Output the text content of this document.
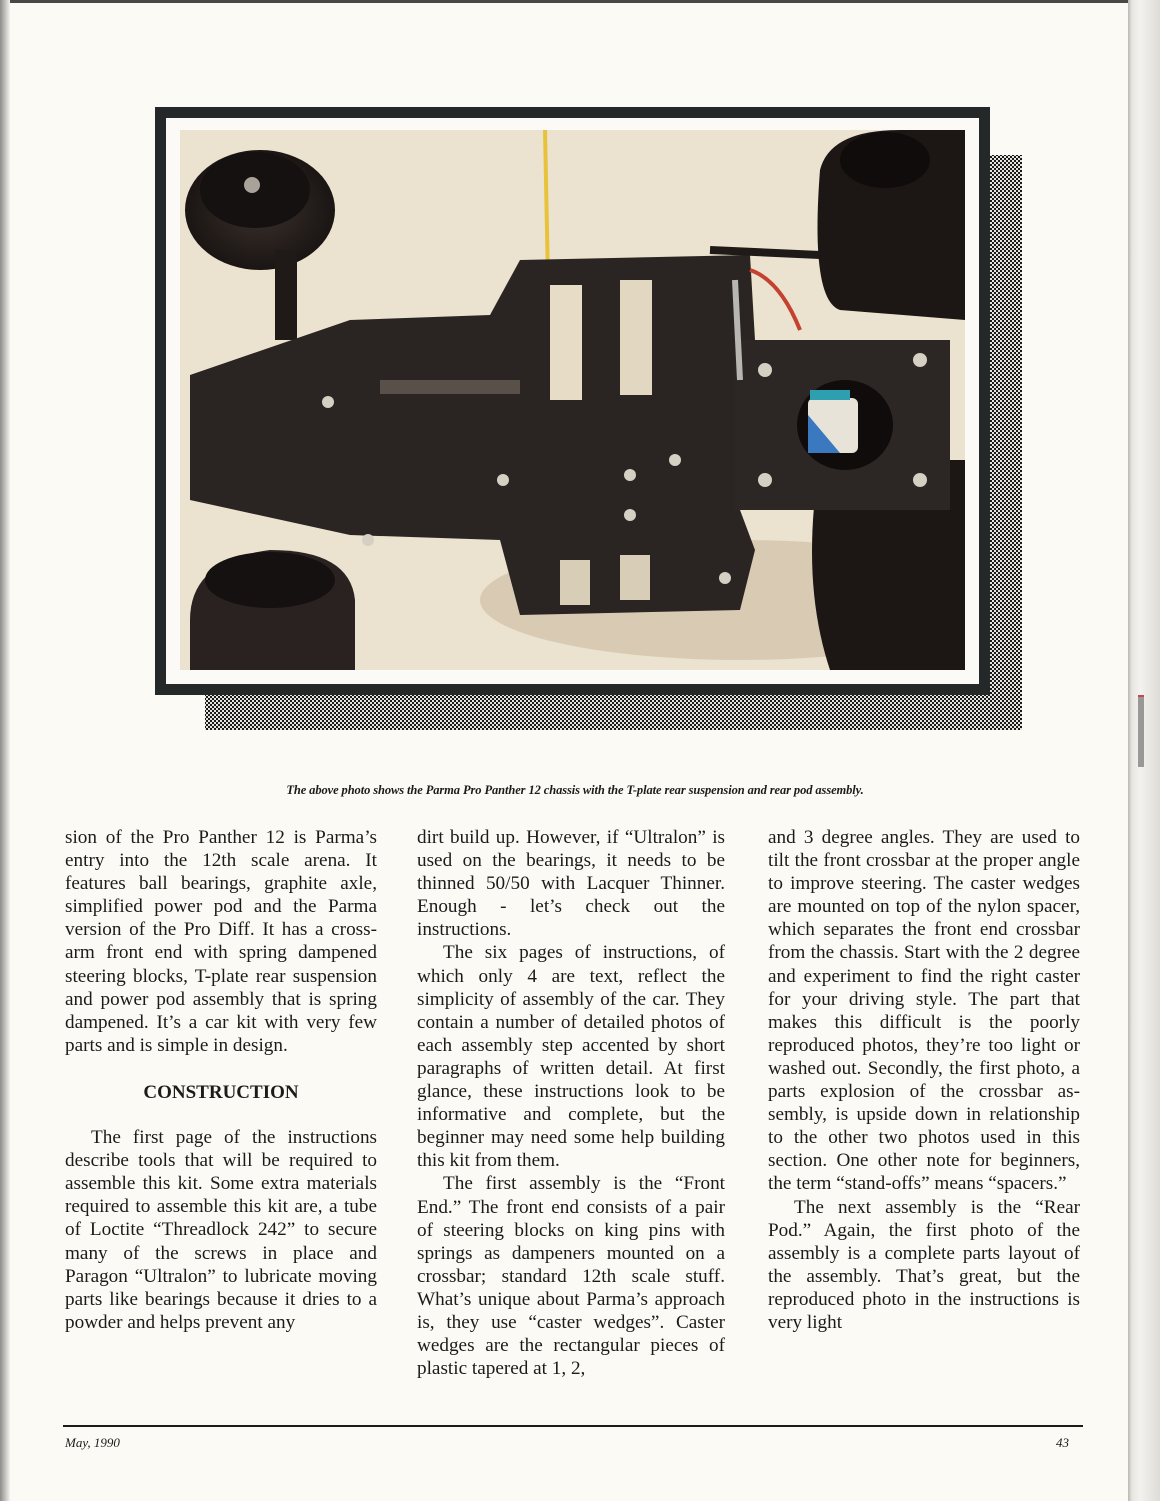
The above photo shows the Parma Pro Panther 12 chassis with the T-plate rear suspension and rear pod assembly.

sion of the Pro Panther 12 is Parma’s entry into the 12th scale arena. It features ball bearings, graphite axle, simplified power pod and the Parma version of the Pro Diff. It has a cross-arm front end with spring dampened steering blocks, T-plate rear suspension and power pod assembly that is spring dampened. It’s a car kit with very few parts and is simple in design.

CONSTRUCTION

The first page of the instructions describe tools that will be required to assemble this kit. Some extra materials required to assemble this kit are, a tube of Loctite “Threadlock 242” to secure many of the screws in place and Paragon “Ultralon” to lubricate moving parts like bearings because it dries to a powder and helps prevent any

dirt build up. However, if “Ultralon” is used on the bearings, it needs to be thinned 50/50 with Lacquer Thinner. Enough - let’s check out the instructions.

The six pages of instructions, of which only 4 are text, reflect the simplicity of assembly of the car. They contain a number of detailed photos of each assembly step accented by short paragraphs of written detail. At first glance, these instructions look to be informative and complete, but the beginner may need some help building this kit from them.

The first assembly is the “Front End.” The front end consists of a pair of steering blocks on king pins with springs as dampeners mounted on a crossbar; standard 12th scale stuff. What’s unique about Parma’s approach is, they use “caster wedges”. Caster wedges are the rectangular pieces of plastic tapered at 1, 2,

and 3 degree angles. They are used to tilt the front crossbar at the proper angle to improve steering. The caster wedges are mounted on top of the nylon spacer, which separates the front end crossbar from the chassis. Start with the 2 degree and experiment to find the right caster for your driving style. The part that makes this difficult is the poorly reproduced photos, they’re too light or washed out. Secondly, the first photo, a parts explosion of the crossbar assembly, is upside down in relationship to the other two photos used in this section. One other note for beginners, the term “stand-offs” means “spacers.”

The next assembly is the “Rear Pod.” Again, the first photo of the assembly is a complete parts layout of the assembly. That’s great, but the reproduced photo in the instructions is very light

May, 1990	43
